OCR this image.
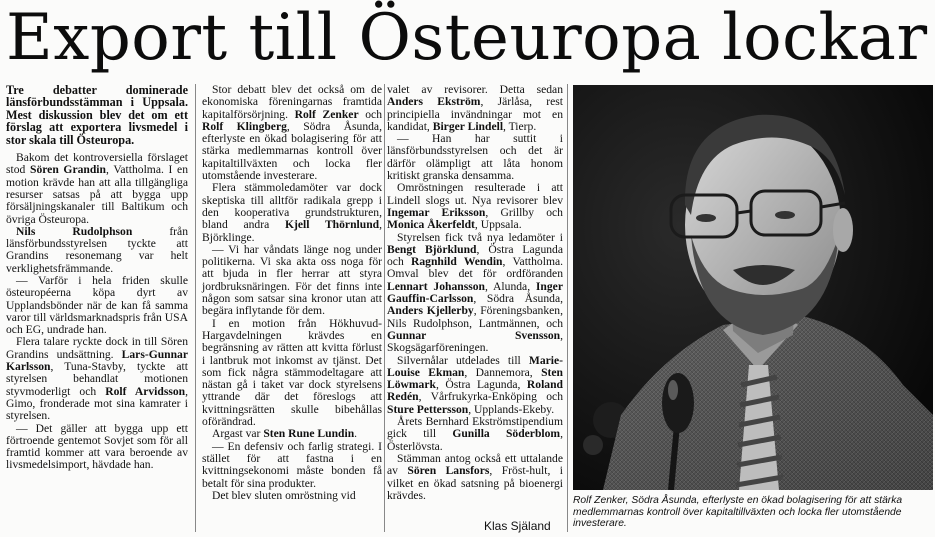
Export till Östeuropa lockar

Tre debatter dominerade länsförbundsstämman i Uppsala. Mest diskussion blev det om ett förslag att exportera livsmedel i stor skala till Östeuropa.

Bakom det kontroversiella förslaget stod Sören Grandin, Vattholma. I en motion krävde han att alla tillgängliga resurser satsas på att bygga upp försäljningskanaler till Baltikum och övriga Östeuropa.

Nils Rudolphson från länsförbundsstyrelsen tyckte att Grandins resonemang var helt verklighetsfrämmande.

— Varför i hela friden skulle östeuropéerna köpa dyrt av Upplandsbönder när de kan få samma varor till världsmarknadspris från USA och EG, undrade han.

Flera talare ryckte dock in till Sören Grandins undsättning. Lars-Gunnar Karlsson, Tuna-Stavby, tyckte att styrelsen behandlat motionen styvmoderligt och Rolf Arvidsson, Gimo, fronderade mot sina kamrater i styrelsen.

— Det gäller att bygga upp ett förtroende gentemot Sovjet som för all framtid kommer att vara beroende av livsmedelsimport, hävdade han.

Stor debatt blev det också om de ekonomiska föreningarnas framtida kapitalförsörjning. Rolf Zenker och Rolf Klingberg, Södra Åsunda, efterlyste en ökad bolagisering för att stärka medlemmarnas kontroll över kapitaltillväxten och locka fler utomstående investerare.

Flera stämmoledamöter var dock skeptiska till alltför radikala grepp i den kooperativa grundstrukturen, bland andra Kjell Thörnlund, Björklinge.

— Vi har våndats länge nog under politikerna. Vi ska akta oss noga för att bjuda in fler herrar att styra jordbruksnäringen. För det finns inte någon som satsar sina kronor utan att begära inflytande för dem.

I en motion från Hökhuvud-Hargavdelningen krävdes en begränsning av rätten att kvitta förlust i lantbruk mot inkomst av tjänst. Det som fick några stämmodeltagare att nästan gå i taket var dock styrelsens yttrande där det föreslogs att kvittningsrätten skulle bibehållas oförändrad.

Argast var Sten Rune Lundin.

— En defensiv och farlig strategi. I stället för att fastna i en kvittningsekonomi måste bonden få betalt för sina produkter.

Det blev sluten omröstning vid

valet av revisorer. Detta sedan Anders Ekström, Järlåsa, rest principiella invändningar mot en kandidat, Birger Lindell, Tierp.

— Han har suttit i länsförbundsstyrelsen och det är därför olämpligt att låta honom kritiskt granska densamma.

Omröstningen resulterade i att Lindell slogs ut. Nya revisorer blev Ingemar Eriksson, Grillby och Monica Åkerfeldt, Uppsala.

Styrelsen fick två nya ledamöter i Bengt Björklund, Östra Lagunda och Ragnhild Wendin, Vattholma. Omval blev det för ordföranden Lennart Johansson, Alunda, Inger Gauffin-Carlsson, Södra Åsunda, Anders Kjellerby, Föreningsbanken, Nils Rudolphson, Lantmännen, och Gunnar Svensson, Skogsägarföreningen.

Silvernålar utdelades till Marie-Louise Ekman, Dannemora, Sten Löwmark, Östra Lagunda, Roland Redén, Vårfrukyrka-Enköping och Sture Pettersson, Upplands-Ekeby.

Årets Bernhard Ekströmstipendium gick till Gunilla Söderblom, Österlövsta.

Stämman antog också ett uttalande av Sören Lansfors, Fröst-hult, i vilket en ökad satsning på bioenergi krävdes.

Klas Själand
Rolf Zenker, Södra Åsunda, efterlyste en ökad bolagisering för att stärka medlemmarnas kontroll över kapitaltillväxten och locka fler utomstående investerare.
